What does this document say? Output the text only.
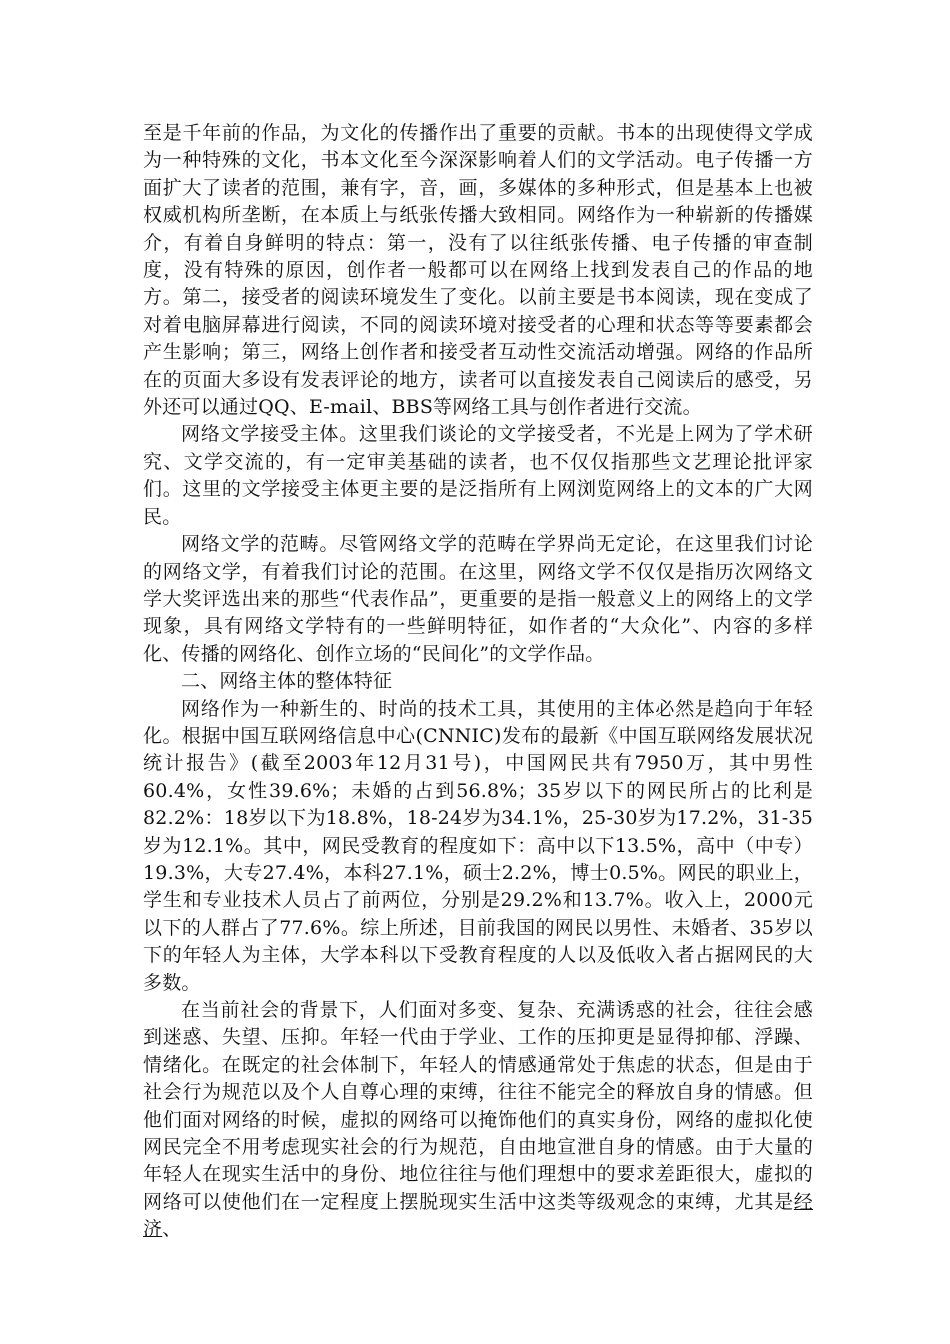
至是千年前的作品，为文化的传播作出了重要的贡献。书本的出现使得文学成为一种特殊的文化，书本文化至今深深影响着人们的文学活动。电子传播一方面扩大了读者的范围，兼有字，音，画，多媒体的多种形式，但是基本上也被权威机构所垄断，在本质上与纸张传播大致相同。网络作为一种崭新的传播媒介，有着自身鲜明的特点：第一，没有了以往纸张传播、电子传播的审查制度，没有特殊的原因，创作者一般都可以在网络上找到发表自己的作品的地方。第二，接受者的阅读环境发生了变化。以前主要是书本阅读，现在变成了对着电脑屏幕进行阅读，不同的阅读环境对接受者的心理和状态等等要素都会产生影响；第三，网络上创作者和接受者互动性交流活动增强。网络的作品所在的页面大多设有发表评论的地方，读者可以直接发表自己阅读后的感受，另外还可以通过QQ、E-mail、BBS等网络工具与创作者进行交流。

网络文学接受主体。这里我们谈论的文学接受者，不光是上网为了学术研究、文学交流的，有一定审美基础的读者，也不仅仅指那些文艺理论批评家们。这里的文学接受主体更主要的是泛指所有上网浏览网络上的文本的广大网民。

网络文学的范畴。尽管网络文学的范畴在学界尚无定论，在这里我们讨论的网络文学，有着我们讨论的范围。在这里，网络文学不仅仅是指历次网络文学大奖评选出来的那些“代表作品”，更重要的是指一般意义上的网络上的文学现象，具有网络文学特有的一些鲜明特征，如作者的“大众化”、内容的多样化、传播的网络化、创作立场的“民间化”的文学作品。

二、网络主体的整体特征

网络作为一种新生的、时尚的技术工具，其使用的主体必然是趋向于年轻化。根据中国互联网络信息中心(CNNIC)发布的最新《中国互联网络发展状况统计报告》(截至2003年12月31号)，中国网民共有7950万，其中男性60.4%，女性39.6%；未婚的占到56.8%；35岁以下的网民所占的比利是82.2%：18岁以下为18.8%，18-24岁为34.1%，25-30岁为17.2%，31-35岁为12.1%。其中，网民受教育的程度如下：高中以下13.5%，高中（中专）19.3%，大专27.4%，本科27.1%，硕士2.2%，博士0.5%。网民的职业上，学生和专业技术人员占了前两位，分别是29.2%和13.7%。收入上，2000元以下的人群占了77.6%。综上所述，目前我国的网民以男性、未婚者、35岁以下的年轻人为主体，大学本科以下受教育程度的人以及低收入者占据网民的大多数。

在当前社会的背景下，人们面对多变、复杂、充满诱惑的社会，往往会感到迷惑、失望、压抑。年轻一代由于学业、工作的压抑更是显得抑郁、浮躁、情绪化。在既定的社会体制下，年轻人的情感通常处于焦虑的状态，但是由于社会行为规范以及个人自尊心理的束缚，往往不能完全的释放自身的情感。但他们面对网络的时候，虚拟的网络可以掩饰他们的真实身份，网络的虚拟化使网民完全不用考虑现实社会的行为规范，自由地宣泄自身的情感。由于大量的年轻人在现实生活中的身份、地位往往与他们理想中的要求差距很大，虚拟的网络可以使他们在一定程度上摆脱现实生活中这类等级观念的束缚，尤其是经济、
